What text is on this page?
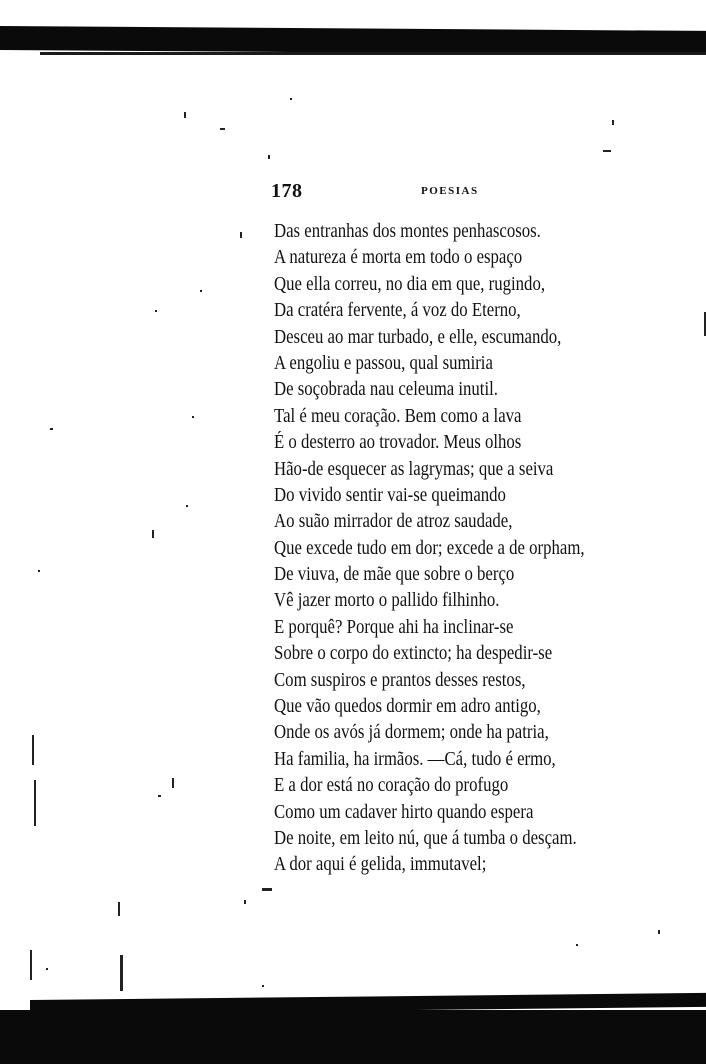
178	POESIAS
Das entranhas dos montes penhascosos.
A natureza é morta em todo o espaço
Que ella correu, no dia em que, rugindo,
Da cratéra fervente, á voz do Eterno,
Desceu ao mar turbado, e elle, escumando,
A engoliu e passou, qual sumiria
De soçobrada nau celeuma inutil.
Tal é meu coração. Bem como a lava
É o desterro ao trovador. Meus olhos
Hão-de esquecer as lagrymas; que a seiva
Do vivido sentir vai-se queimando
Ao suão mirrador de atroz saudade,
Que excede tudo em dor; excede a de orpham,
De viuva, de mãe que sobre o berço
Vê jazer morto o pallido filhinho.
E porquê? Porque ahi ha inclinar-se
Sobre o corpo do extincto; ha despedir-se
Com suspiros e prantos desses restos,
Que vão quedos dormir em adro antigo,
Onde os avós já dormem; onde ha patria,
Ha familia, ha irmãos. —Cá, tudo é ermo,
E a dor está no coração do profugo
Como um cadaver hirto quando espera
De noite, em leito nú, que á tumba o desçam.
A dor aqui é gelida, immutavel;
